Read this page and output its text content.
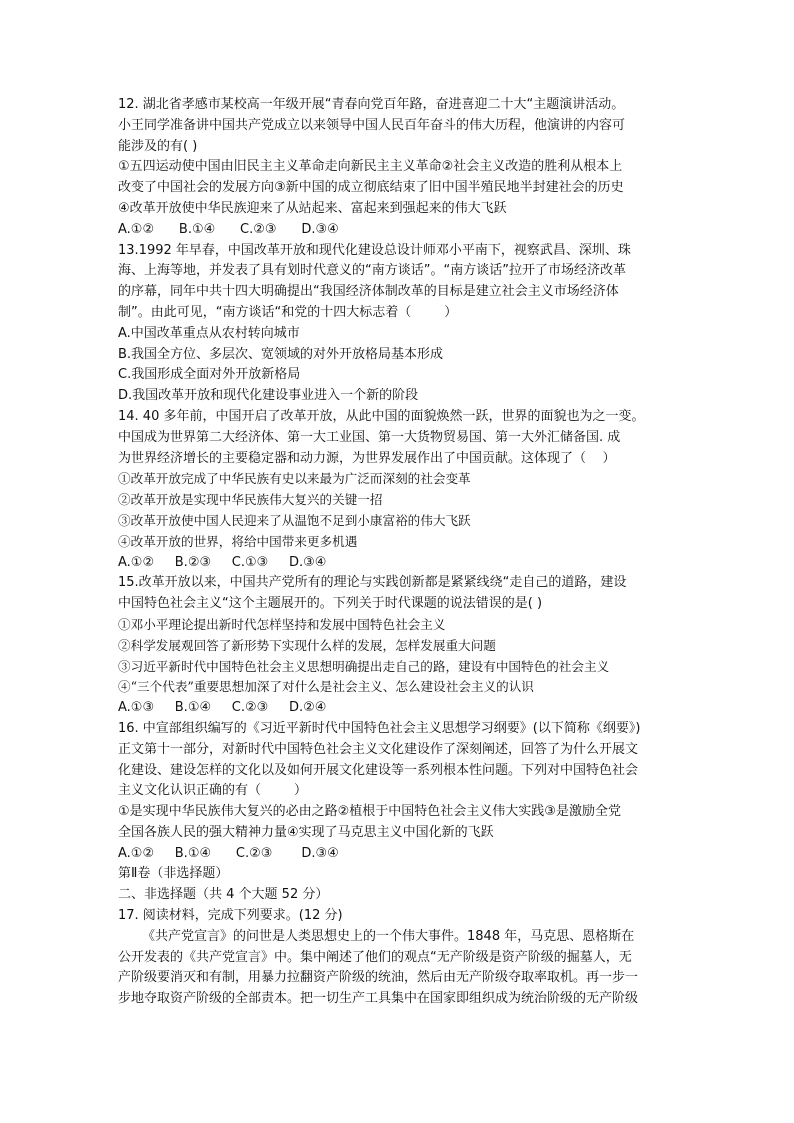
12. 湖北省孝感市某校高一年级开展“青春向党百年路，奋进喜迎二十大“主题演讲活动。

小王同学准备讲中国共产党成立以来领导中国人民百年奋斗的伟大历程，他演讲的内容可

能涉及的有( )

①五四运动使中国由旧民主主义革命走向新民主主义革命②社会主义改造的胜利从根本上

改变了中国社会的发展方向③新中国的成立彻底结束了旧中国半殖民地半封建社会的历史

④改革开放使中华民族迎来了从站起来、富起来到强起来的伟大飞跃

A.①②      B.①④      C.②③      D.③④

13.1992 年早春，中国改革开放和现代化建设总设计师邓小平南下，视察武昌、深圳、珠

海、上海等地，并发表了具有划时代意义的“南方谈话”。“南方谈话”拉开了市场经济改革

的序幕，同年中共十四大明确提出“我国经济体制改革的目标是建立社会主义市场经济体

制”。由此可见，“南方谈话“和党的十四大标志着（        ）

A.中国改革重点从农村转向城市

B.我国全方位、多层次、宽领域的对外开放格局基本形成

C.我国形成全面对外开放新格局

D.我国改革开放和现代化建设事业进入一个新的阶段

14. 40 多年前，中国开启了改革开放，从此中国的面貌焕然一跃，世界的面貌也为之一变。

中国成为世界第二大经济体、第一大工业国、第一大货物贸易国、第一大外汇储备国. 成

为世界经济增长的主要稳定器和动力源，为世界发展作出了中国贡献。这体现了（    ）

①改革开放完成了中华民族有史以来最为广泛而深刻的社会变革

②改革开放是实现中华民族伟大复兴的关键一招

③改革开放使中国人民迎来了从温饱不足到小康富裕的伟大飞跃

④改革开放的世界，将给中国带来更多机遇

A.①②     B.②③     C.①③     D.③④

15.改革开放以来，中国共产党所有的理论与实践创新都是紧紧线绕“走自己的道路，建设

中国特色社会主义“这个主题展开的。下列关于时代课题的说法错误的是( )

①邓小平理论提出新时代怎样坚持和发展中国特色社会主义

②科学发展观回答了新形势下实现什么样的发展，怎样发展重大问题

③习近平新时代中国特色社会主义思想明确提出走自己的路，建设有中国特色的社会主义

④“三个代表”重要思想加深了对什么是社会主义、怎么建设社会主义的认识

A.①③     B.①④     C.②③     D.②④

16. 中宣部组织编写的《习近平新时代中国特色社会主义思想学习纲要》(以下简称《纲要》)

正文第十一部分，对新时代中国特色社会主义文化建设作了深刻阐述，回答了为什么开展文

化建设、建设怎样的文化以及如何开展文化建设等一系列根本性问题。下列对中国特色社会

主义文化认识正确的有（        ）

①是实现中华民族伟大复兴的必由之路②植根于中国特色社会主义伟大实践③是激励全党

全国各族人民的强大精神力量④实现了马克思主义中国化新的飞跃

A.①②     B.①④      C.②③       D.③④

第Ⅱ卷（非选择题）

二、非选择题（共 4 个大题 52 分）

17. 阅读材料，完成下列要求。(12 分)

《共产党宣言》的问世是人类思想史上的一个伟大事件。1848 年，马克思、恩格斯在

公开发表的《共产党宣言》中。集中阐述了他们的观点“无产阶级是资产阶级的掘墓人，无

产阶级要消灭和有制，用暴力拉翻资产阶级的统油，然后由无产阶级夺取率取机。再一步一

步地夺取资产阶级的全部责本。把一切生产工具集中在国家即组织成为统治阶级的无产阶级
